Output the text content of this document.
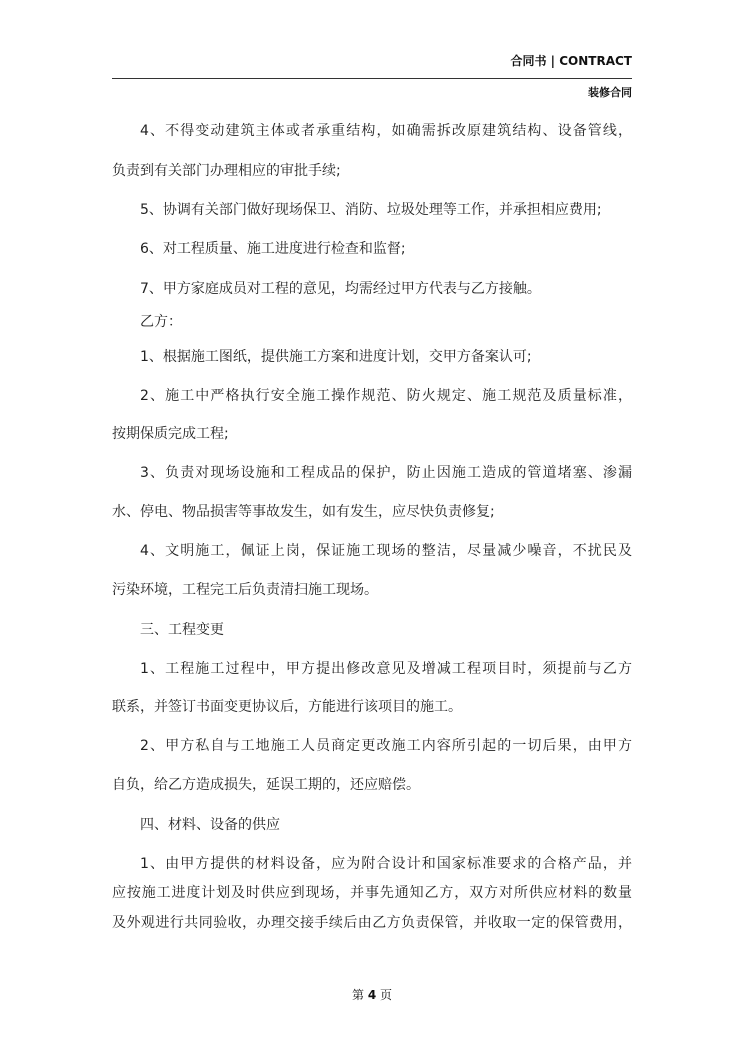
合同书 | CONTRACT
装修合同
4、不得变动建筑主体或者承重结构，如确需拆改原建筑结构、设备管线，
负责到有关部门办理相应的审批手续;
5、协调有关部门做好现场保卫、消防、垃圾处理等工作，并承担相应费用;
6、对工程质量、施工进度进行检查和监督;
7、甲方家庭成员对工程的意见，均需经过甲方代表与乙方接触。
乙方：
1、根据施工图纸，提供施工方案和进度计划，交甲方备案认可;
2、施工中严格执行安全施工操作规范、防火规定、施工规范及质量标准，
按期保质完成工程;
3、负责对现场设施和工程成品的保护，防止因施工造成的管道堵塞、渗漏
水、停电、物品损害等事故发生，如有发生，应尽快负责修复;
4、文明施工，佩证上岗，保证施工现场的整洁，尽量减少噪音，不扰民及
污染环境，工程完工后负责清扫施工现场。
三、工程变更
1、工程施工过程中，甲方提出修改意见及增减工程项目时，须提前与乙方
联系，并签订书面变更协议后，方能进行该项目的施工。
2、甲方私自与工地施工人员商定更改施工内容所引起的一切后果，由甲方
自负，给乙方造成损失，延误工期的，还应赔偿。
四、材料、设备的供应
1、由甲方提供的材料设备，应为附合设计和国家标准要求的合格产品，并
应按施工进度计划及时供应到现场，并事先通知乙方，双方对所供应材料的数量
及外观进行共同验收，办理交接手续后由乙方负责保管，并收取一定的保管费用，
第 4 页
